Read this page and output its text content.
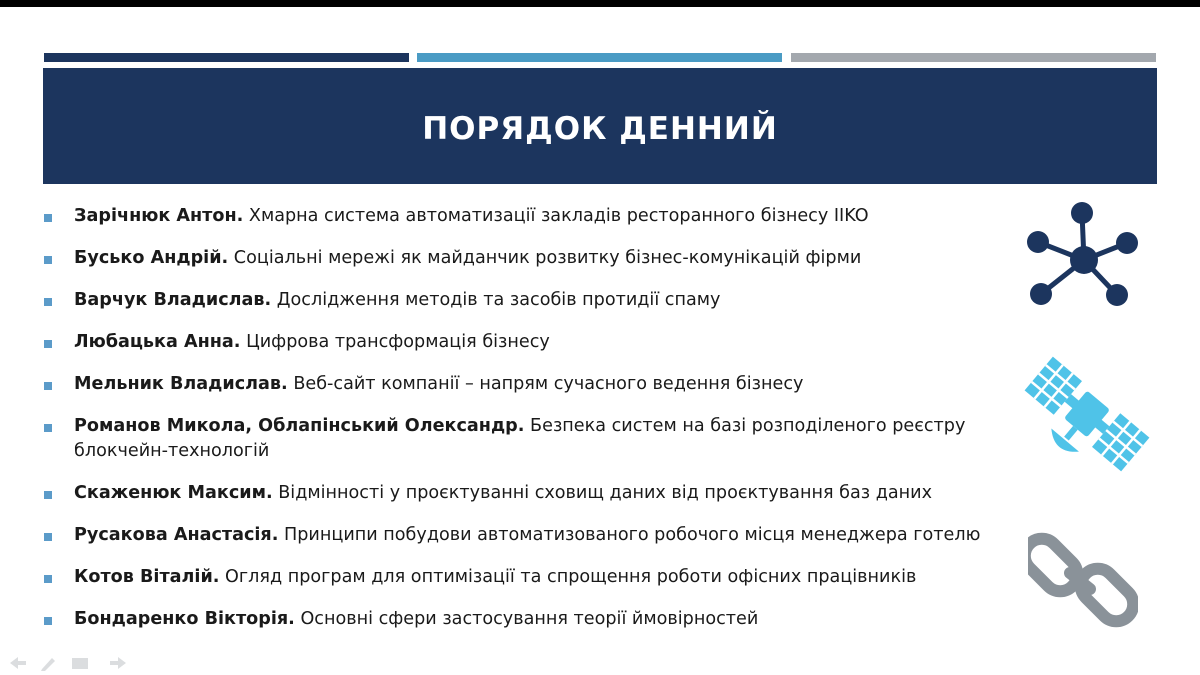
ПОРЯДОК ДЕННИЙ
Зарічнюк Антон. Хмарна система автоматизації закладів ресторанного бізнесу IIKO
Бусько Андрій. Соціальні мережі як майданчик розвитку бізнес-комунікацій фірми
Варчук Владислав. Дослідження методів та засобів протидії спаму
Любацька Анна. Цифрова трансформація бізнесу
Мельник Владислав. Веб-сайт компанії – напрям сучасного ведення бізнесу
Романов Микола, Облапінський Олександр. Безпека систем на базі розподіленого реєстру блокчейн-технологій
Скаженюк Максим. Відмінності у проєктуванні сховищ даних від проєктування баз даних
Русакова Анастасія. Принципи побудови автоматизованого робочого місця менеджера готелю
Котов Віталій. Огляд програм для оптимізації та спрощення роботи офісних працівників
Бондаренко Вікторія. Основні сфери застосування теорії ймовірностей
